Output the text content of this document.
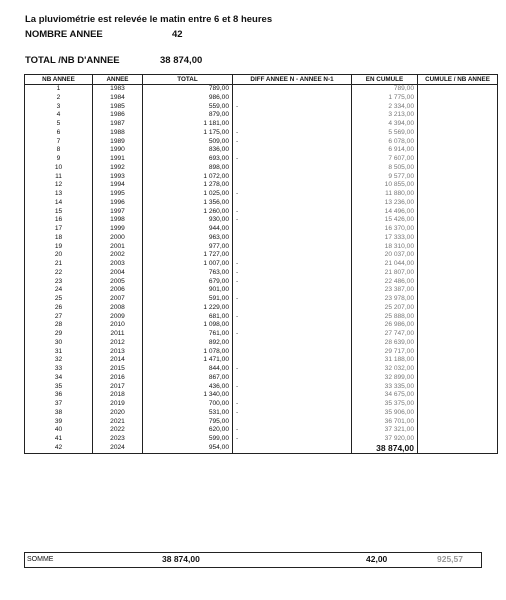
La pluviométrie est relevée le matin entre 6 et 8 heures
NOMBRE ANNEE	42
TOTAL /NB D'ANNEE	38 874,00
NB ANNEE	ANNEE	TOTAL	DIFF ANNEE N - ANNEE N-1	EN CUMULE	CUMULE / NB ANNEE
1	1983	789,00		789,00	
2	1984	986,00		1 775,00	
3	1985	559,00	-	2 334,00	
4	1986	879,00		3 213,00	
5	1987	1 181,00		4 394,00	
6	1988	1 175,00	-	5 569,00	
7	1989	509,00	-	6 078,00	
8	1990	836,00		6 914,00	
9	1991	693,00	-	7 607,00	
10	1992	898,00		8 505,00	
11	1993	1 072,00		9 577,00	
12	1994	1 278,00		10 855,00	
13	1995	1 025,00	-	11 880,00	
14	1996	1 356,00		13 236,00	
15	1997	1 260,00	-	14 496,00	
16	1998	930,00	-	15 426,00	
17	1999	944,00		16 370,00	
18	2000	963,00		17 333,00	
19	2001	977,00		18 310,00	
20	2002	1 727,00		20 037,00	
21	2003	1 007,00	-	21 044,00	
22	2004	763,00	-	21 807,00	
23	2005	679,00	-	22 486,00	
24	2006	901,00		23 387,00	
25	2007	591,00	-	23 978,00	
26	2008	1 229,00		25 207,00	
27	2009	681,00	-	25 888,00	
28	2010	1 098,00		26 986,00	
29	2011	761,00	-	27 747,00	
30	2012	892,00		28 639,00	
31	2013	1 078,00		29 717,00	
32	2014	1 471,00		31 188,00	
33	2015	844,00	-	32 032,00	
34	2016	867,00		32 899,00	
35	2017	436,00	-	33 335,00	
36	2018	1 340,00		34 675,00	
37	2019	700,00	-	35 375,00	
38	2020	531,00	-	35 906,00	
39	2021	795,00		36 701,00	
40	2022	620,00	-	37 321,00	
41	2023	599,00	-	37 920,00	
42	2024	954,00		38 874,00	
SOMME	38 874,00	42,00	925,57
